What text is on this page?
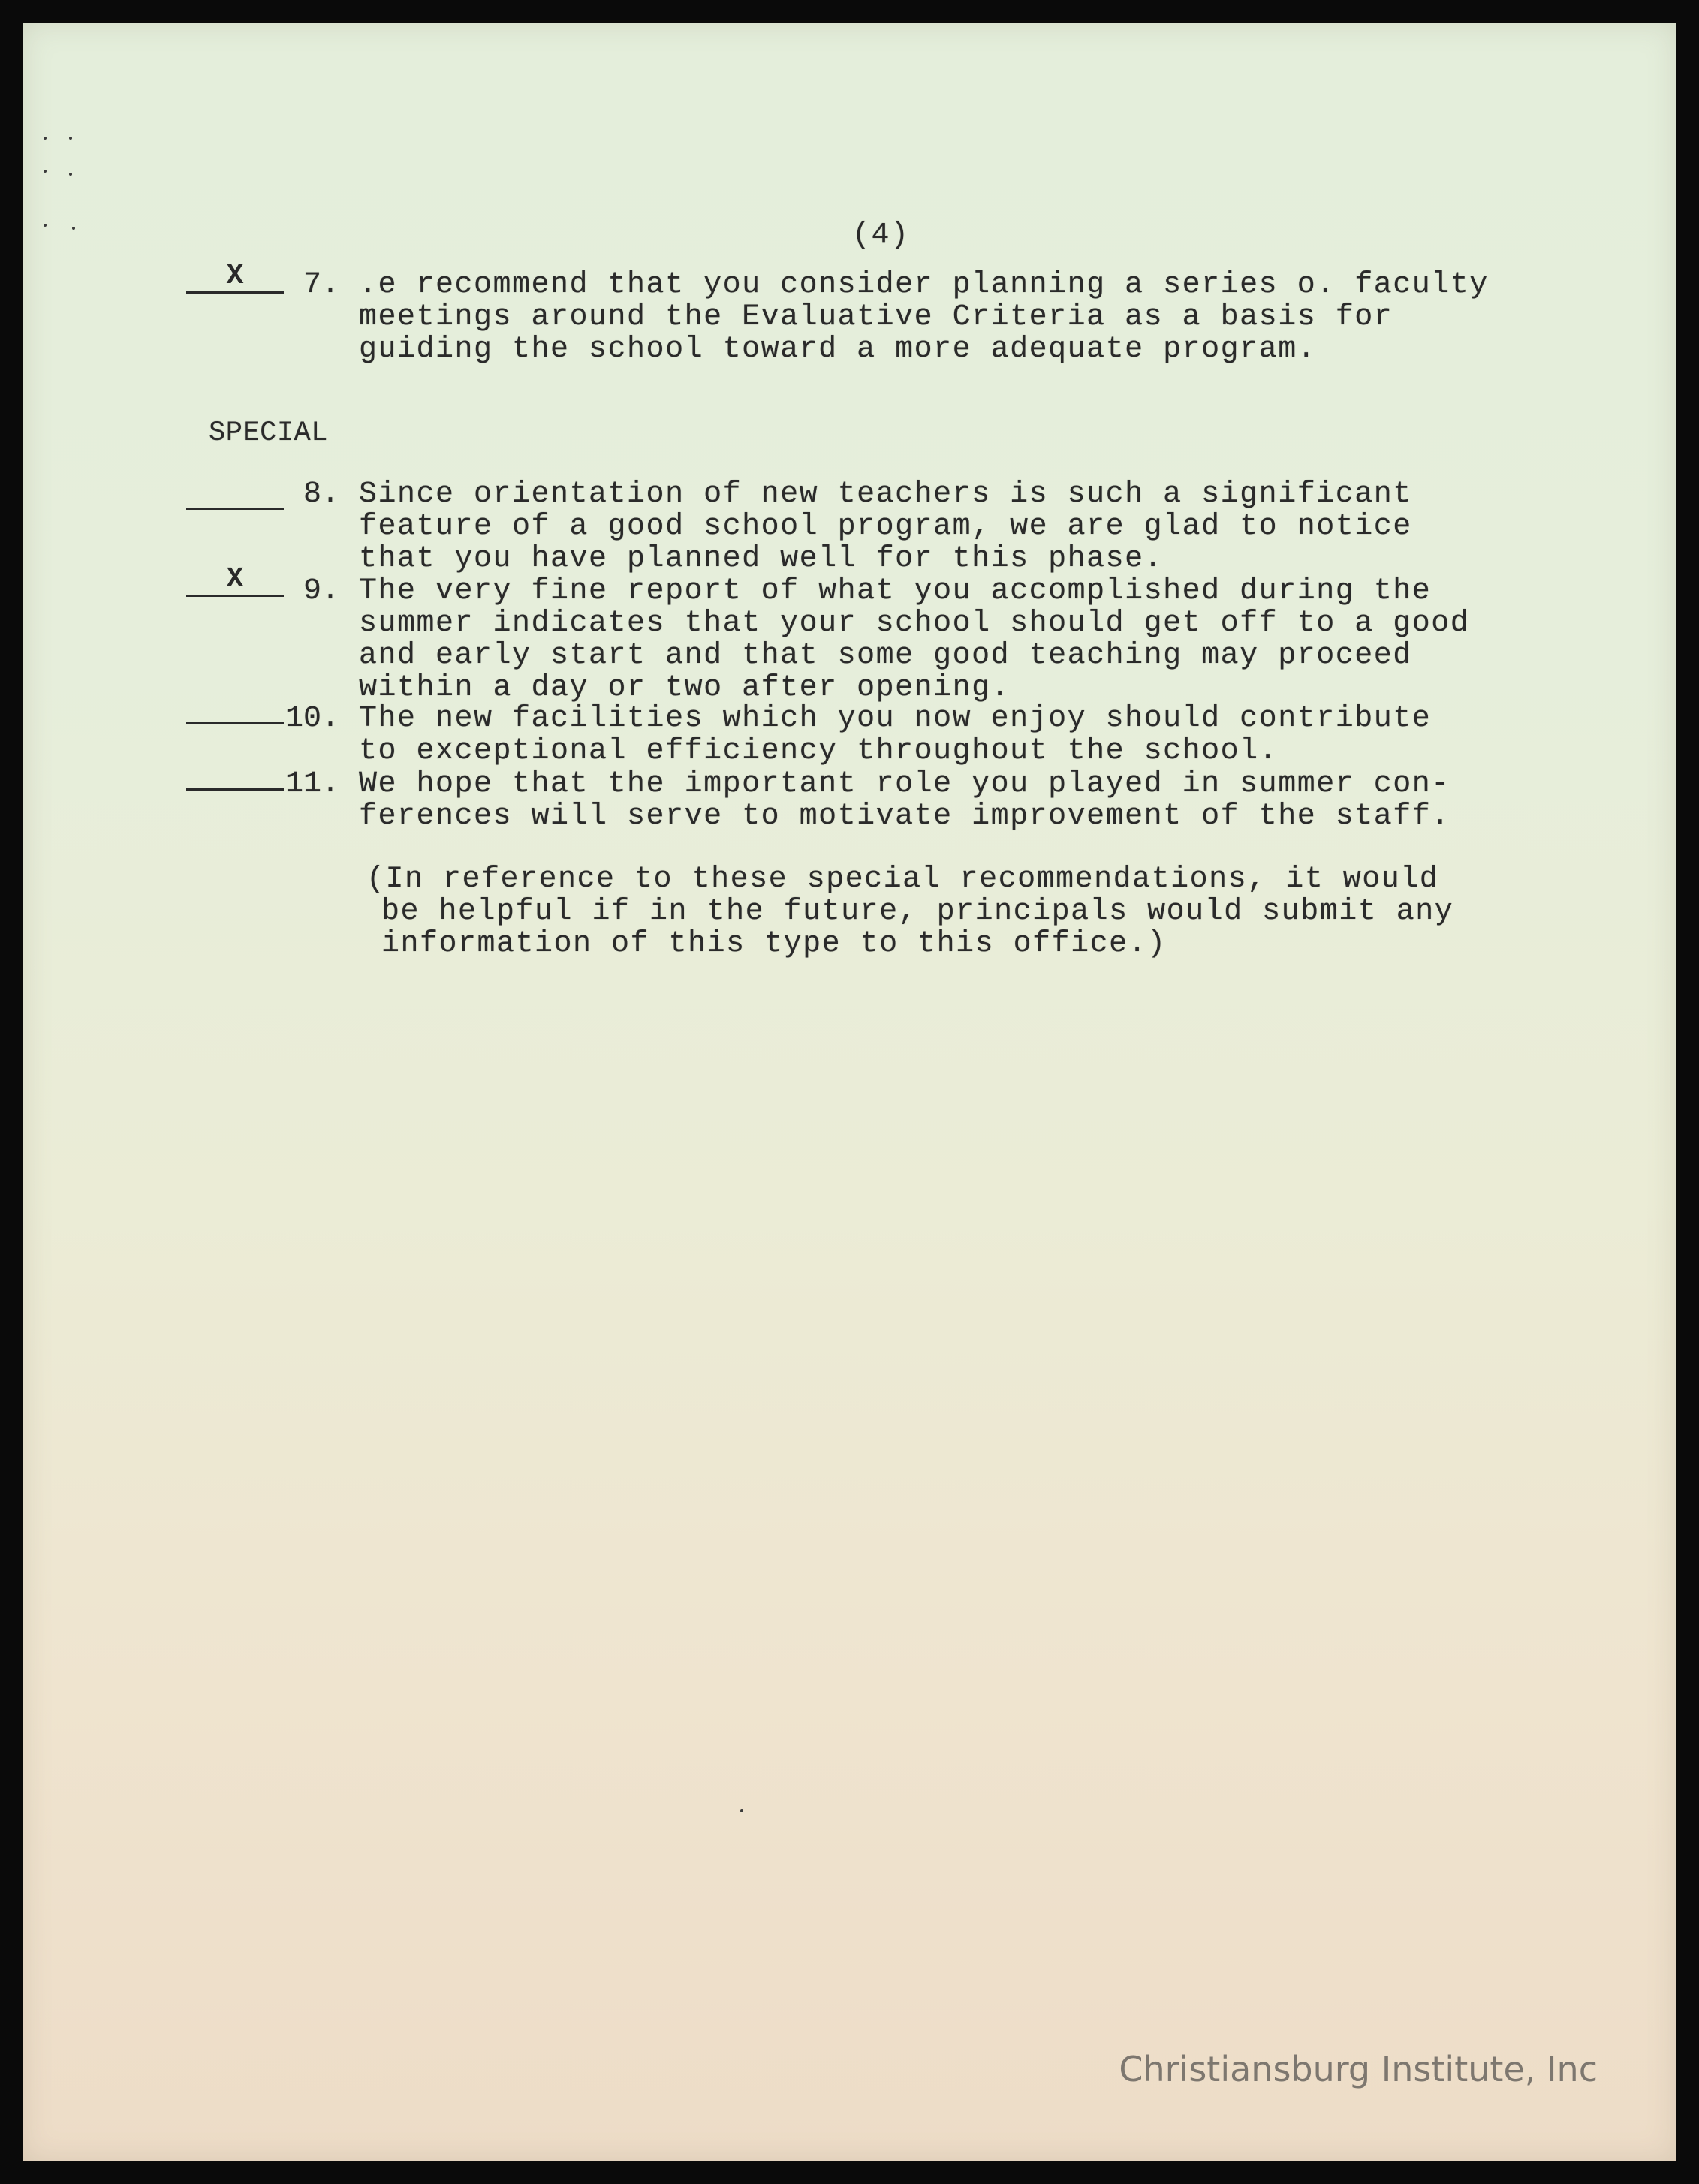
(4)
X	7. .e recommend that you consider planning a series o. faculty
meetings around the Evaluative Criteria as a basis for
guiding the school toward a more adequate program.
SPECIAL
8. Since orientation of new teachers is such a significant
feature of a good school program, we are glad to notice
that you have planned well for this phase.
X	9. The very fine report of what you accomplished during the
summer indicates that your school should get off to a good
and early start and that some good teaching may proceed
within a day or two after opening.
10. The new facilities which you now enjoy should contribute
to exceptional efficiency throughout the school.
11. We hope that the important role you played in summer con-
ferences will serve to motivate improvement of the staff.
(In reference to these special recommendations, it would
be helpful if in the future, principals would submit any
information of this type to this office.)
Christiansburg Institute, Inc
